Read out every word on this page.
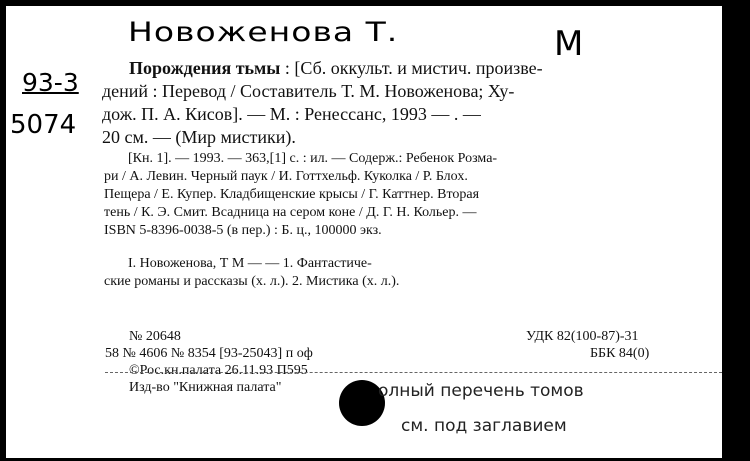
Новоженова Т.	М
93-3
5074
Порождения тьмы : [Сб. оккульт. и мистич. произве-
дений : Перевод / Составитель Т. М. Новоженова; Ху-
дож. П. А. Кисов]. — М. : Ренессанс, 1993 — . —
20 см. — (Мир мистики).
[Кн. 1]. — 1993. — 363,[1] с. : ил. — Содерж.: Ребенок Розма-
ри / А. Левин. Черный паук / И. Готтхельф. Куколка / Р. Блох.
Пещера / Е. Купер. Кладбищенские крысы / Г. Каттнер. Вторая
тень / К. Э. Смит. Всадница на сером коне / Д. Г. Н. Кольер. —
ISBN 5-8396-0038-5 (в пер.) : Б. ц., 100000 экз.
I. Новоженова, Т М — — 1. Фантастиче-
ские романы и рассказы (х. л.). 2. Мистика (х. л.).
№ 20648
58 № 4606 № 8354 [93-25043] п оф
©Рос.кн.палата 26.11.93 П595
Изд-во "Книжная палата"
УДК 82(100-87)-31
ББК 84(0)
олный перечень томов
см. под заглавием
